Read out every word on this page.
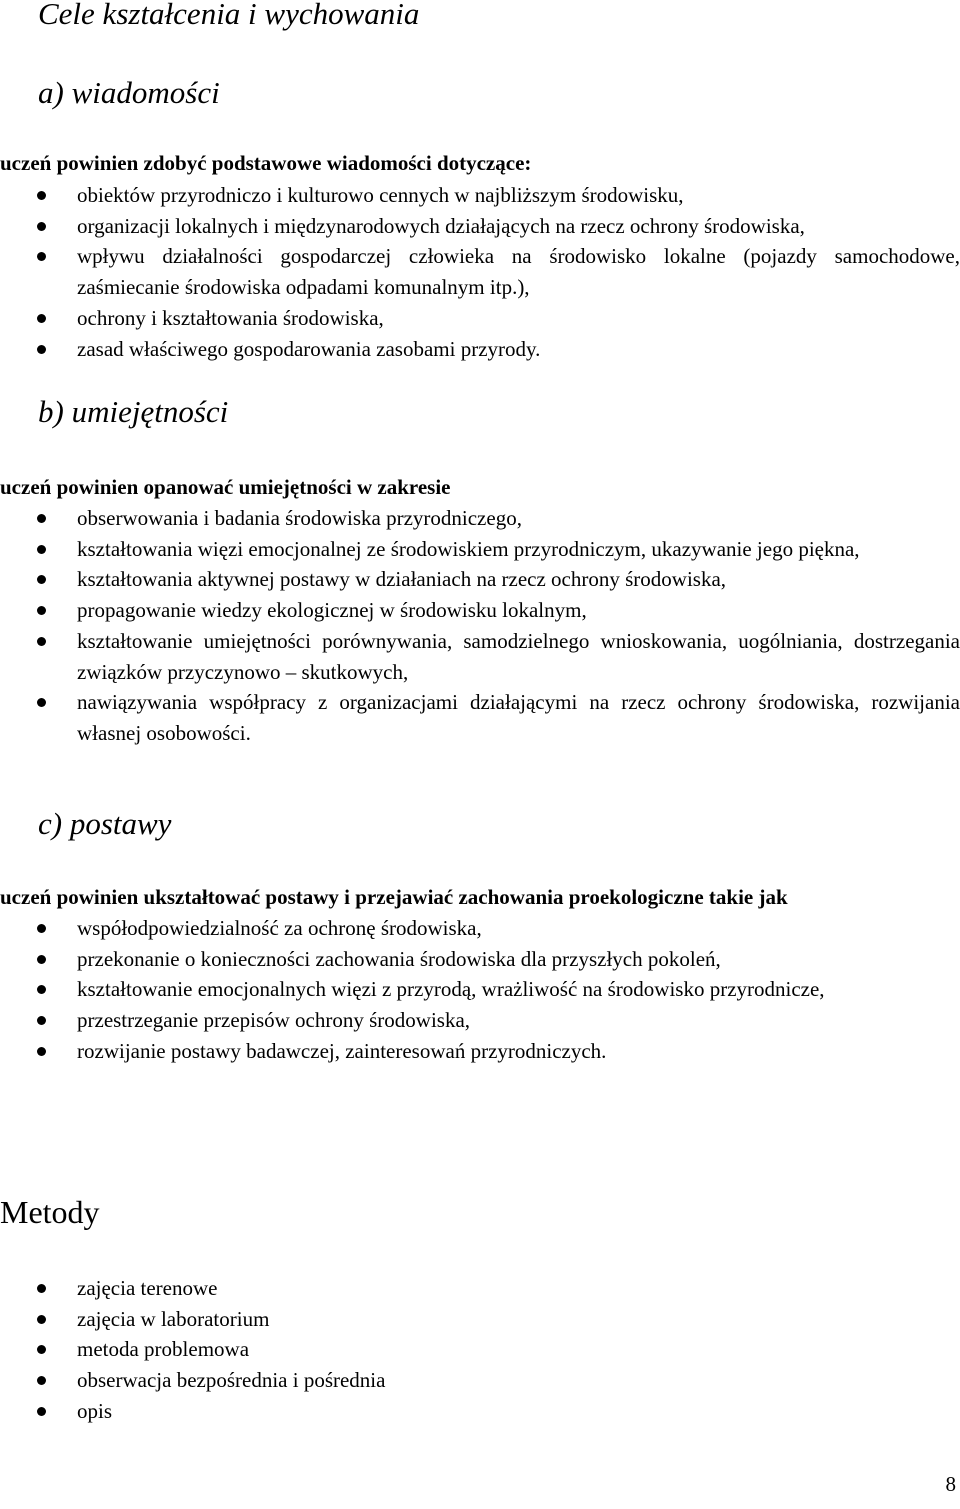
Cele kształcenia i wychowania
a) wiadomości

uczeń powinien zdobyć podstawowe wiadomości dotyczące:

obiektów przyrodniczo i kulturowo cennych w najbliższym środowisku,
organizacji lokalnych i międzynarodowych działających na rzecz ochrony środowiska,
wpływu działalności gospodarczej człowieka na środowisko lokalne (pojazdy samochodowe, zaśmiecanie środowiska odpadami komunalnym itp.),
ochrony i kształtowania środowiska,
zasad właściwego gospodarowania zasobami przyrody.
b) umiejętności

uczeń powinien opanować umiejętności w zakresie

obserwowania i badania środowiska przyrodniczego,
kształtowania więzi emocjonalnej ze środowiskiem przyrodniczym, ukazywanie jego piękna,
kształtowania aktywnej postawy w działaniach na rzecz ochrony środowiska,
propagowanie wiedzy ekologicznej w środowisku lokalnym,
kształtowanie umiejętności porównywania, samodzielnego wnioskowania, uogólniania, dostrzegania związków przyczynowo – skutkowych,
nawiązywania współpracy z organizacjami działającymi na rzecz ochrony środowiska, rozwijania własnej osobowości.
c) postawy

uczeń powinien ukształtować postawy i przejawiać zachowania proekologiczne takie jak

współodpowiedzialność za ochronę środowiska,
przekonanie o konieczności zachowania środowiska dla przyszłych pokoleń,
kształtowanie emocjonalnych więzi z przyrodą, wrażliwość na środowisko przyrodnicze,
przestrzeganie przepisów ochrony środowiska,
rozwijanie postawy badawczej, zainteresowań przyrodniczych.
Metody
zajęcia terenowe
zajęcia w laboratorium
metoda problemowa
obserwacja bezpośrednia i pośrednia
opis

8
